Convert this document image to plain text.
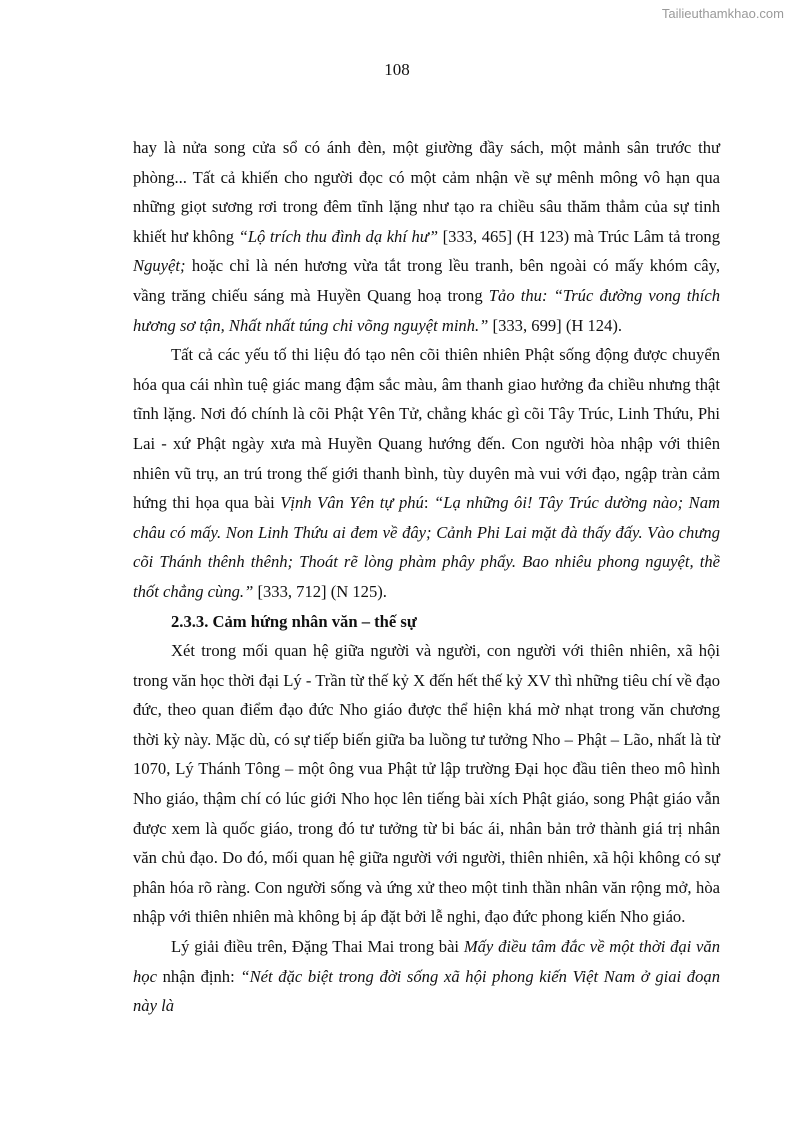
Tailieuthamkhao.com
108

hay là nửa song cửa sổ có ánh đèn, một giường đầy sách, một mảnh sân trước thư phòng... Tất cả khiến cho người đọc có một cảm nhận về sự mênh mông vô hạn qua những giọt sương rơi trong đêm tĩnh lặng như tạo ra chiều sâu thăm thẳm của sự tinh khiết hư không “Lộ trích thu đình dạ khí hư” [333, 465] (H 123) mà Trúc Lâm tả trong Nguyệt; hoặc chỉ là nén hương vừa tắt trong lều tranh, bên ngoài có mấy khóm cây, vầng trăng chiếu sáng mà Huyền Quang hoạ trong Tảo thu: “Trúc đường vong thích hương sơ tận, Nhất nhất túng chi võng nguyệt minh.” [333, 699] (H 124).

Tất cả các yếu tố thi liệu đó tạo nên cõi thiên nhiên Phật sống động được chuyển hóa qua cái nhìn tuệ giác mang đậm sắc màu, âm thanh giao hưởng đa chiều nhưng thật tĩnh lặng. Nơi đó chính là cõi Phật Yên Tử, chẳng khác gì cõi Tây Trúc, Linh Thứu, Phi Lai - xứ Phật ngày xưa mà Huyền Quang hướng đến. Con người hòa nhập với thiên nhiên vũ trụ, an trú trong thế giới thanh bình, tùy duyên mà vui với đạo, ngập tràn cảm hứng thi họa qua bài Vịnh Vân Yên tự phú: “Lạ những ôi! Tây Trúc dường nào; Nam châu có mấy. Non Linh Thứu ai đem về đây; Cảnh Phi Lai mặt đà thấy đấy. Vào chưng cõi Thánh thênh thênh; Thoát rẽ lòng phàm phây phẩy. Bao nhiêu phong nguyệt, thề thốt chẳng cùng.” [333, 712] (N 125).

2.3.3. Cảm hứng nhân văn – thế sự

Xét trong mối quan hệ giữa người và người, con người với thiên nhiên, xã hội trong văn học thời đại Lý - Trần từ thế kỷ X đến hết thế kỷ XV thì những tiêu chí về đạo đức, theo quan điểm đạo đức Nho giáo được thể hiện khá mờ nhạt trong văn chương thời kỳ này. Mặc dù, có sự tiếp biến giữa ba luồng tư tưởng Nho – Phật – Lão, nhất là từ 1070, Lý Thánh Tông – một ông vua Phật tử lập trường Đại học đầu tiên theo mô hình Nho giáo, thậm chí có lúc giới Nho học lên tiếng bài xích Phật giáo, song Phật giáo vẫn được xem là quốc giáo, trong đó tư tưởng từ bi bác ái, nhân bản trở thành giá trị nhân văn chủ đạo. Do đó, mối quan hệ giữa người với người, thiên nhiên, xã hội không có sự phân hóa rõ ràng. Con người sống và ứng xử theo một tinh thần nhân văn rộng mở, hòa nhập với thiên nhiên mà không bị áp đặt bởi lễ nghi, đạo đức phong kiến Nho giáo.

Lý giải điều trên, Đặng Thai Mai trong bài Mấy điều tâm đắc về một thời đại văn học nhận định: “Nét đặc biệt trong đời sống xã hội phong kiến Việt Nam ở giai đoạn này là
